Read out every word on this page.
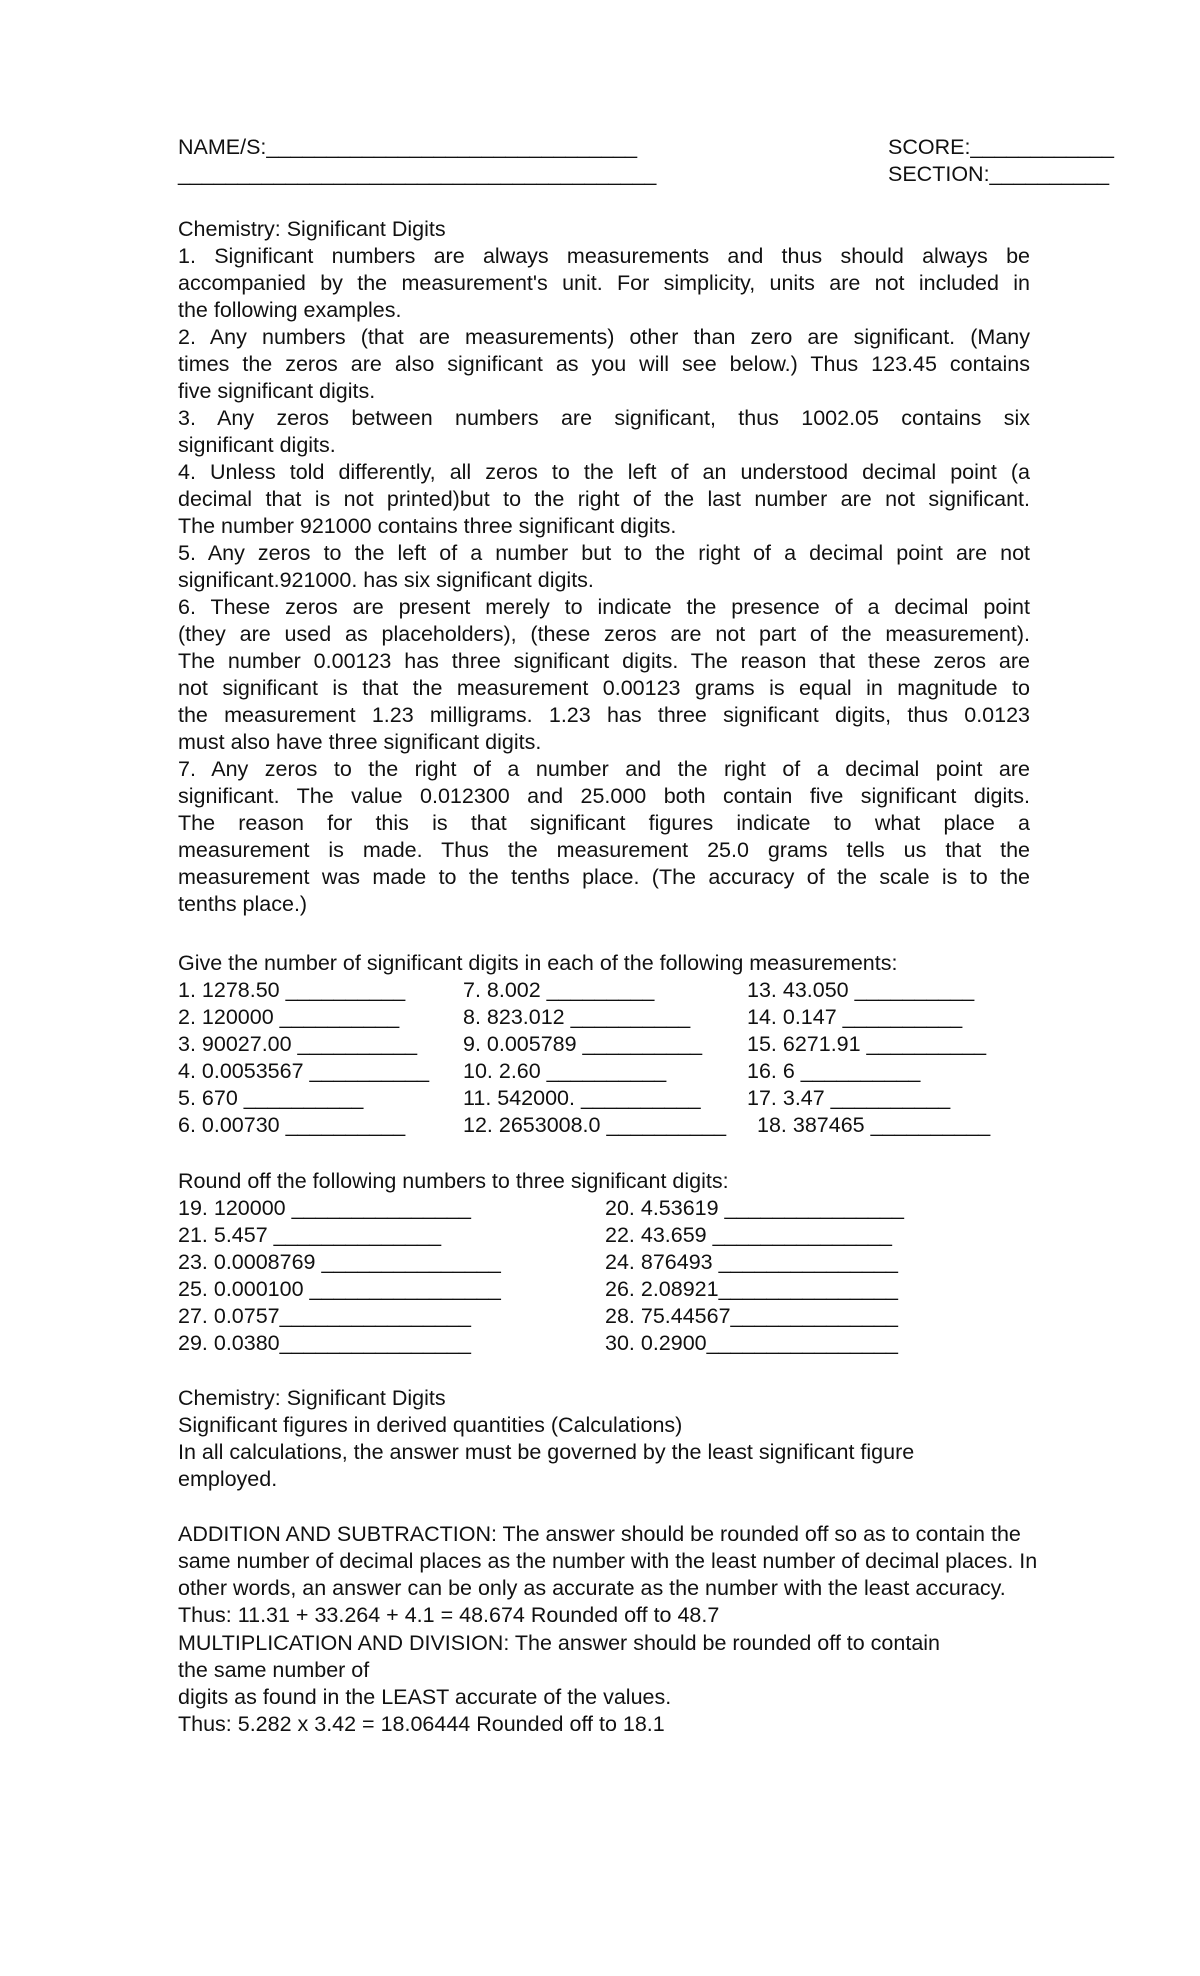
NAME/S:_______________________________
________________________________________
SCORE:____________
SECTION:__________
Chemistry: Significant Digits
1. Significant numbers are always measurements and thus should always be
accompanied by the measurement's unit. For simplicity, units are not included in
the following examples.
2. Any numbers (that are measurements) other than zero are significant. (Many
times the zeros are also significant as you will see below.) Thus 123.45 contains
five significant digits.
3. Any zeros between numbers are significant, thus 1002.05 contains six
significant digits.
4. Unless told differently, all zeros to the left of an understood decimal point (a
decimal that is not printed)but to the right of the last number are not significant.
The number 921000 contains three significant digits.
5. Any zeros to the left of a number but to the right of a decimal point are not
significant.921000. has six significant digits.
6. These zeros are present merely to indicate the presence of a decimal point
(they are used as placeholders), (these zeros are not part of the measurement).
The number 0.00123 has three significant digits. The reason that these zeros are
not significant is that the measurement 0.00123 grams is equal in magnitude to
the measurement 1.23 milligrams. 1.23 has three significant digits, thus 0.0123
must also have three significant digits.
7. Any zeros to the right of a number and the right of a decimal point are
significant. The value 0.012300 and 25.000 both contain five significant digits.
The reason for this is that significant figures indicate to what place a
measurement is made. Thus the measurement 25.0 grams tells us that the
measurement was made to the tenths place. (The accuracy of the scale is to the
tenths place.)
Give the number of significant digits in each of the following measurements:
1. 1278.50 __________	7. 8.002 _________	13. 43.050 __________
2. 120000 __________	8. 823.012 __________	14. 0.147 __________
3. 90027.00 __________ 9. 0.005789 __________ 15. 6271.91 __________
4. 0.0053567 __________ 10. 2.60 __________	16. 6 __________
5. 670 __________	11. 542000. __________ 17. 3.47 __________
6. 0.00730 __________	12. 2653008.0 __________ 18. 387465 __________
Round off the following numbers to three significant digits:
19. 120000 _______________	20. 4.53619 _______________
21. 5.457 ______________	22. 43.659 _______________
23. 0.0008769 _______________	24. 876493 _______________
25. 0.000100 ________________	26. 2.08921_______________
27. 0.0757________________	28. 75.44567______________
29. 0.0380________________	30. 0.2900________________
Chemistry: Significant Digits
Significant figures in derived quantities (Calculations)
In all calculations, the answer must be governed by the least significant figure
employed.
ADDITION AND SUBTRACTION: The answer should be rounded off so as to contain the
same number of decimal places as the number with the least number of decimal places. In
other words, an answer can be only as accurate as the number with the least accuracy.
Thus: 11.31 + 33.264 + 4.1 = 48.674 Rounded off to 48.7
MULTIPLICATION AND DIVISION: The answer should be rounded off to contain
the same number of
digits as found in the LEAST accurate of the values.
Thus: 5.282 x 3.42 = 18.06444 Rounded off to 18.1
